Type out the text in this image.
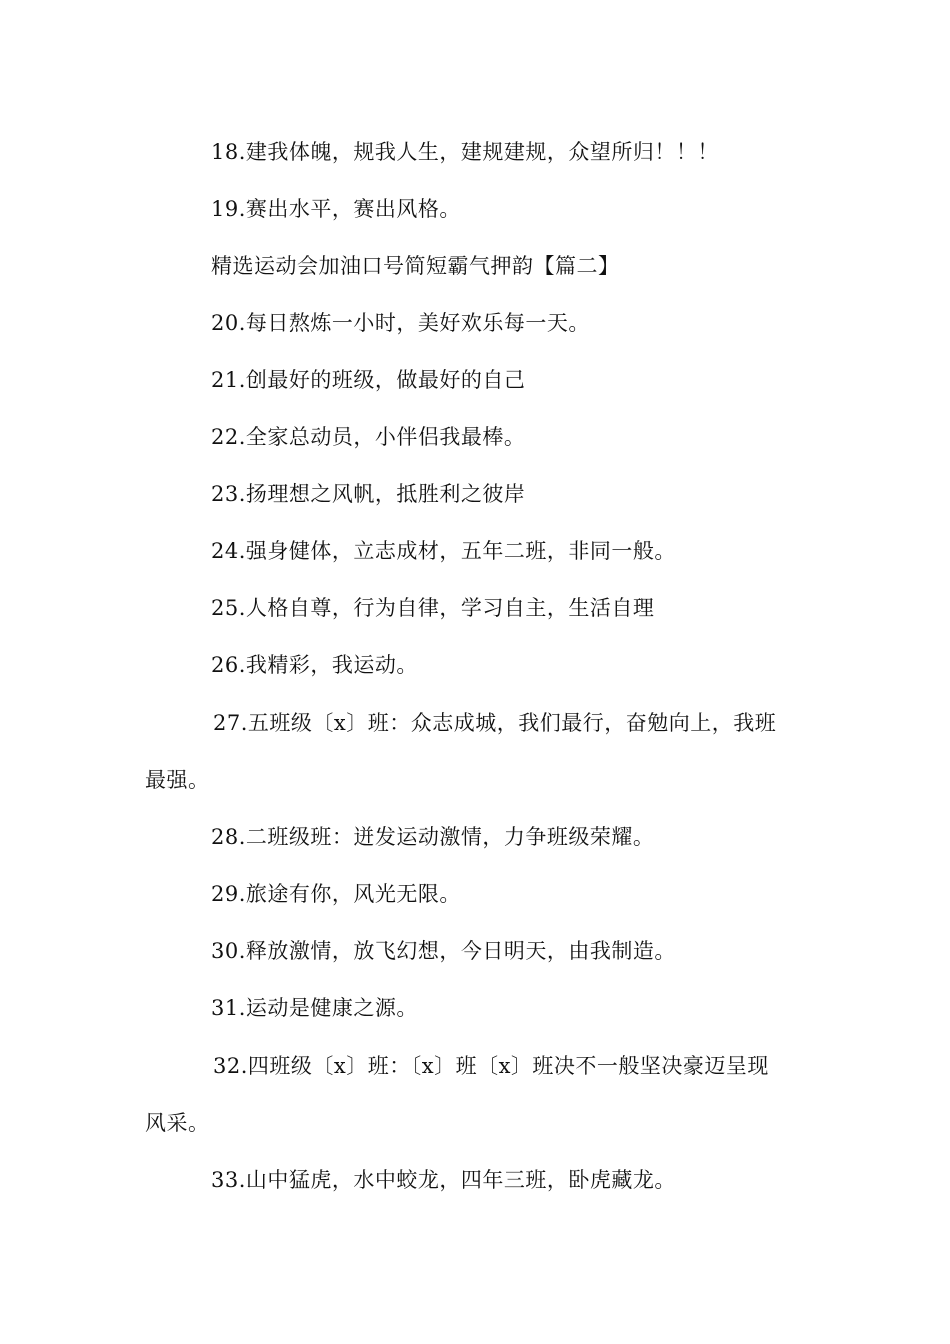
18.建我体魄，规我人生，建规建规，众望所归！！！
19.赛出水平，赛出风格。
精选运动会加油口号简短霸气押韵【篇二】
20.每日熬炼一小时，美好欢乐每一天。
21.创最好的班级，做最好的自己
22.全家总动员，小伴侣我最棒。
23.扬理想之风帆，抵胜利之彼岸
24.强身健体，立志成材，五年二班，非同一般。
25.人格自尊，行为自律，学习自主，生活自理
26.我精彩，我运动。
27.五班级〔x〕班：众志成城，我们最行，奋勉向上，我班
最强。
28.二班级班：迸发运动激情，力争班级荣耀。
29.旅途有你，风光无限。
30.释放激情，放飞幻想，今日明天，由我制造。
31.运动是健康之源。
32.四班级〔x〕班：〔x〕班〔x〕班决不一般坚决豪迈呈现
风采。
33.山中猛虎，水中蛟龙，四年三班，卧虎藏龙。
